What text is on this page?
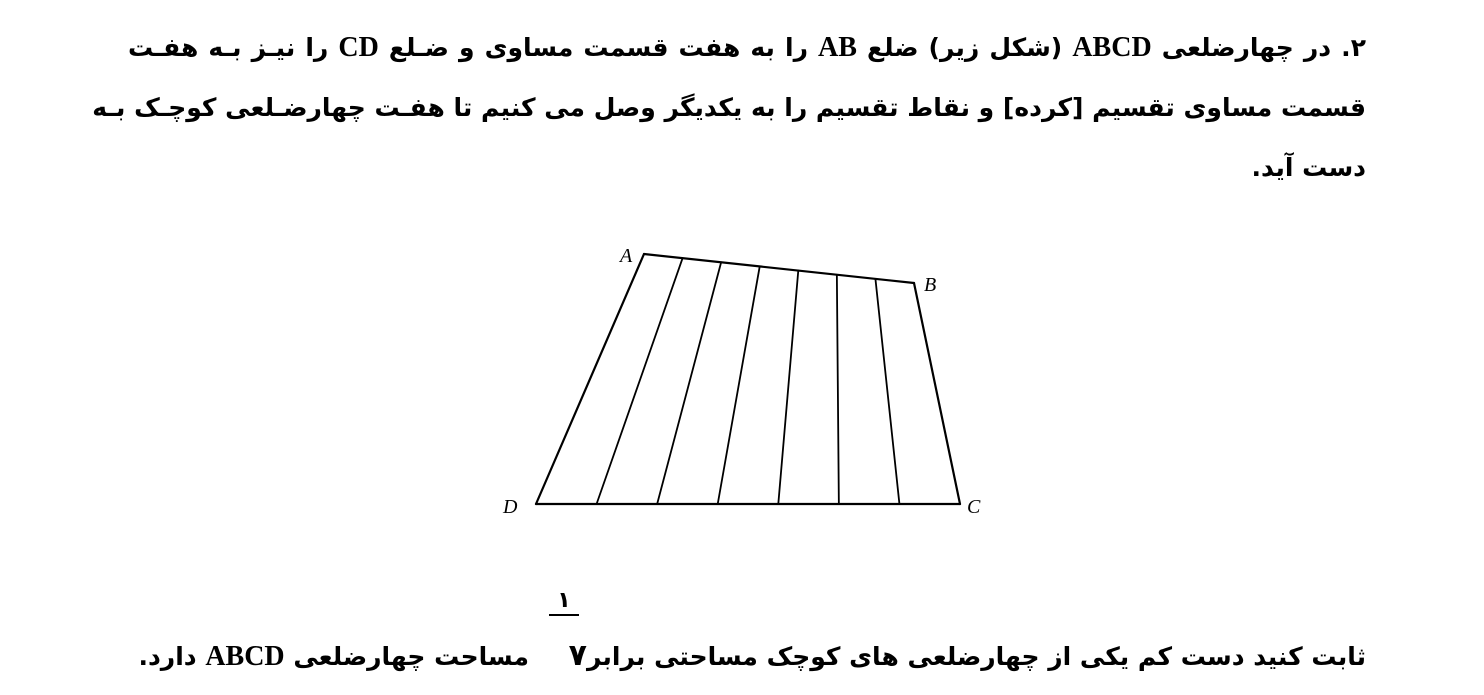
۲. در چهارضلعی ABCD (شکل زیر) ضلع AB را به هفت قسمت مساوی و ضـلع CD را نیـز بـه هفـت
قسمت مساوی تقسیم [کرده] و نقاط تقسیم را به یکدیگر وصل می کنیم تا هفـت چهارضـلعی کوچـک بـه
دست آید.
A
B
C
D
۱
ثابت کنید دست کم یکی از چهارضلعی های کوچک مساحتی برابر۷مساحت چهارضلعی ABCD دارد.
